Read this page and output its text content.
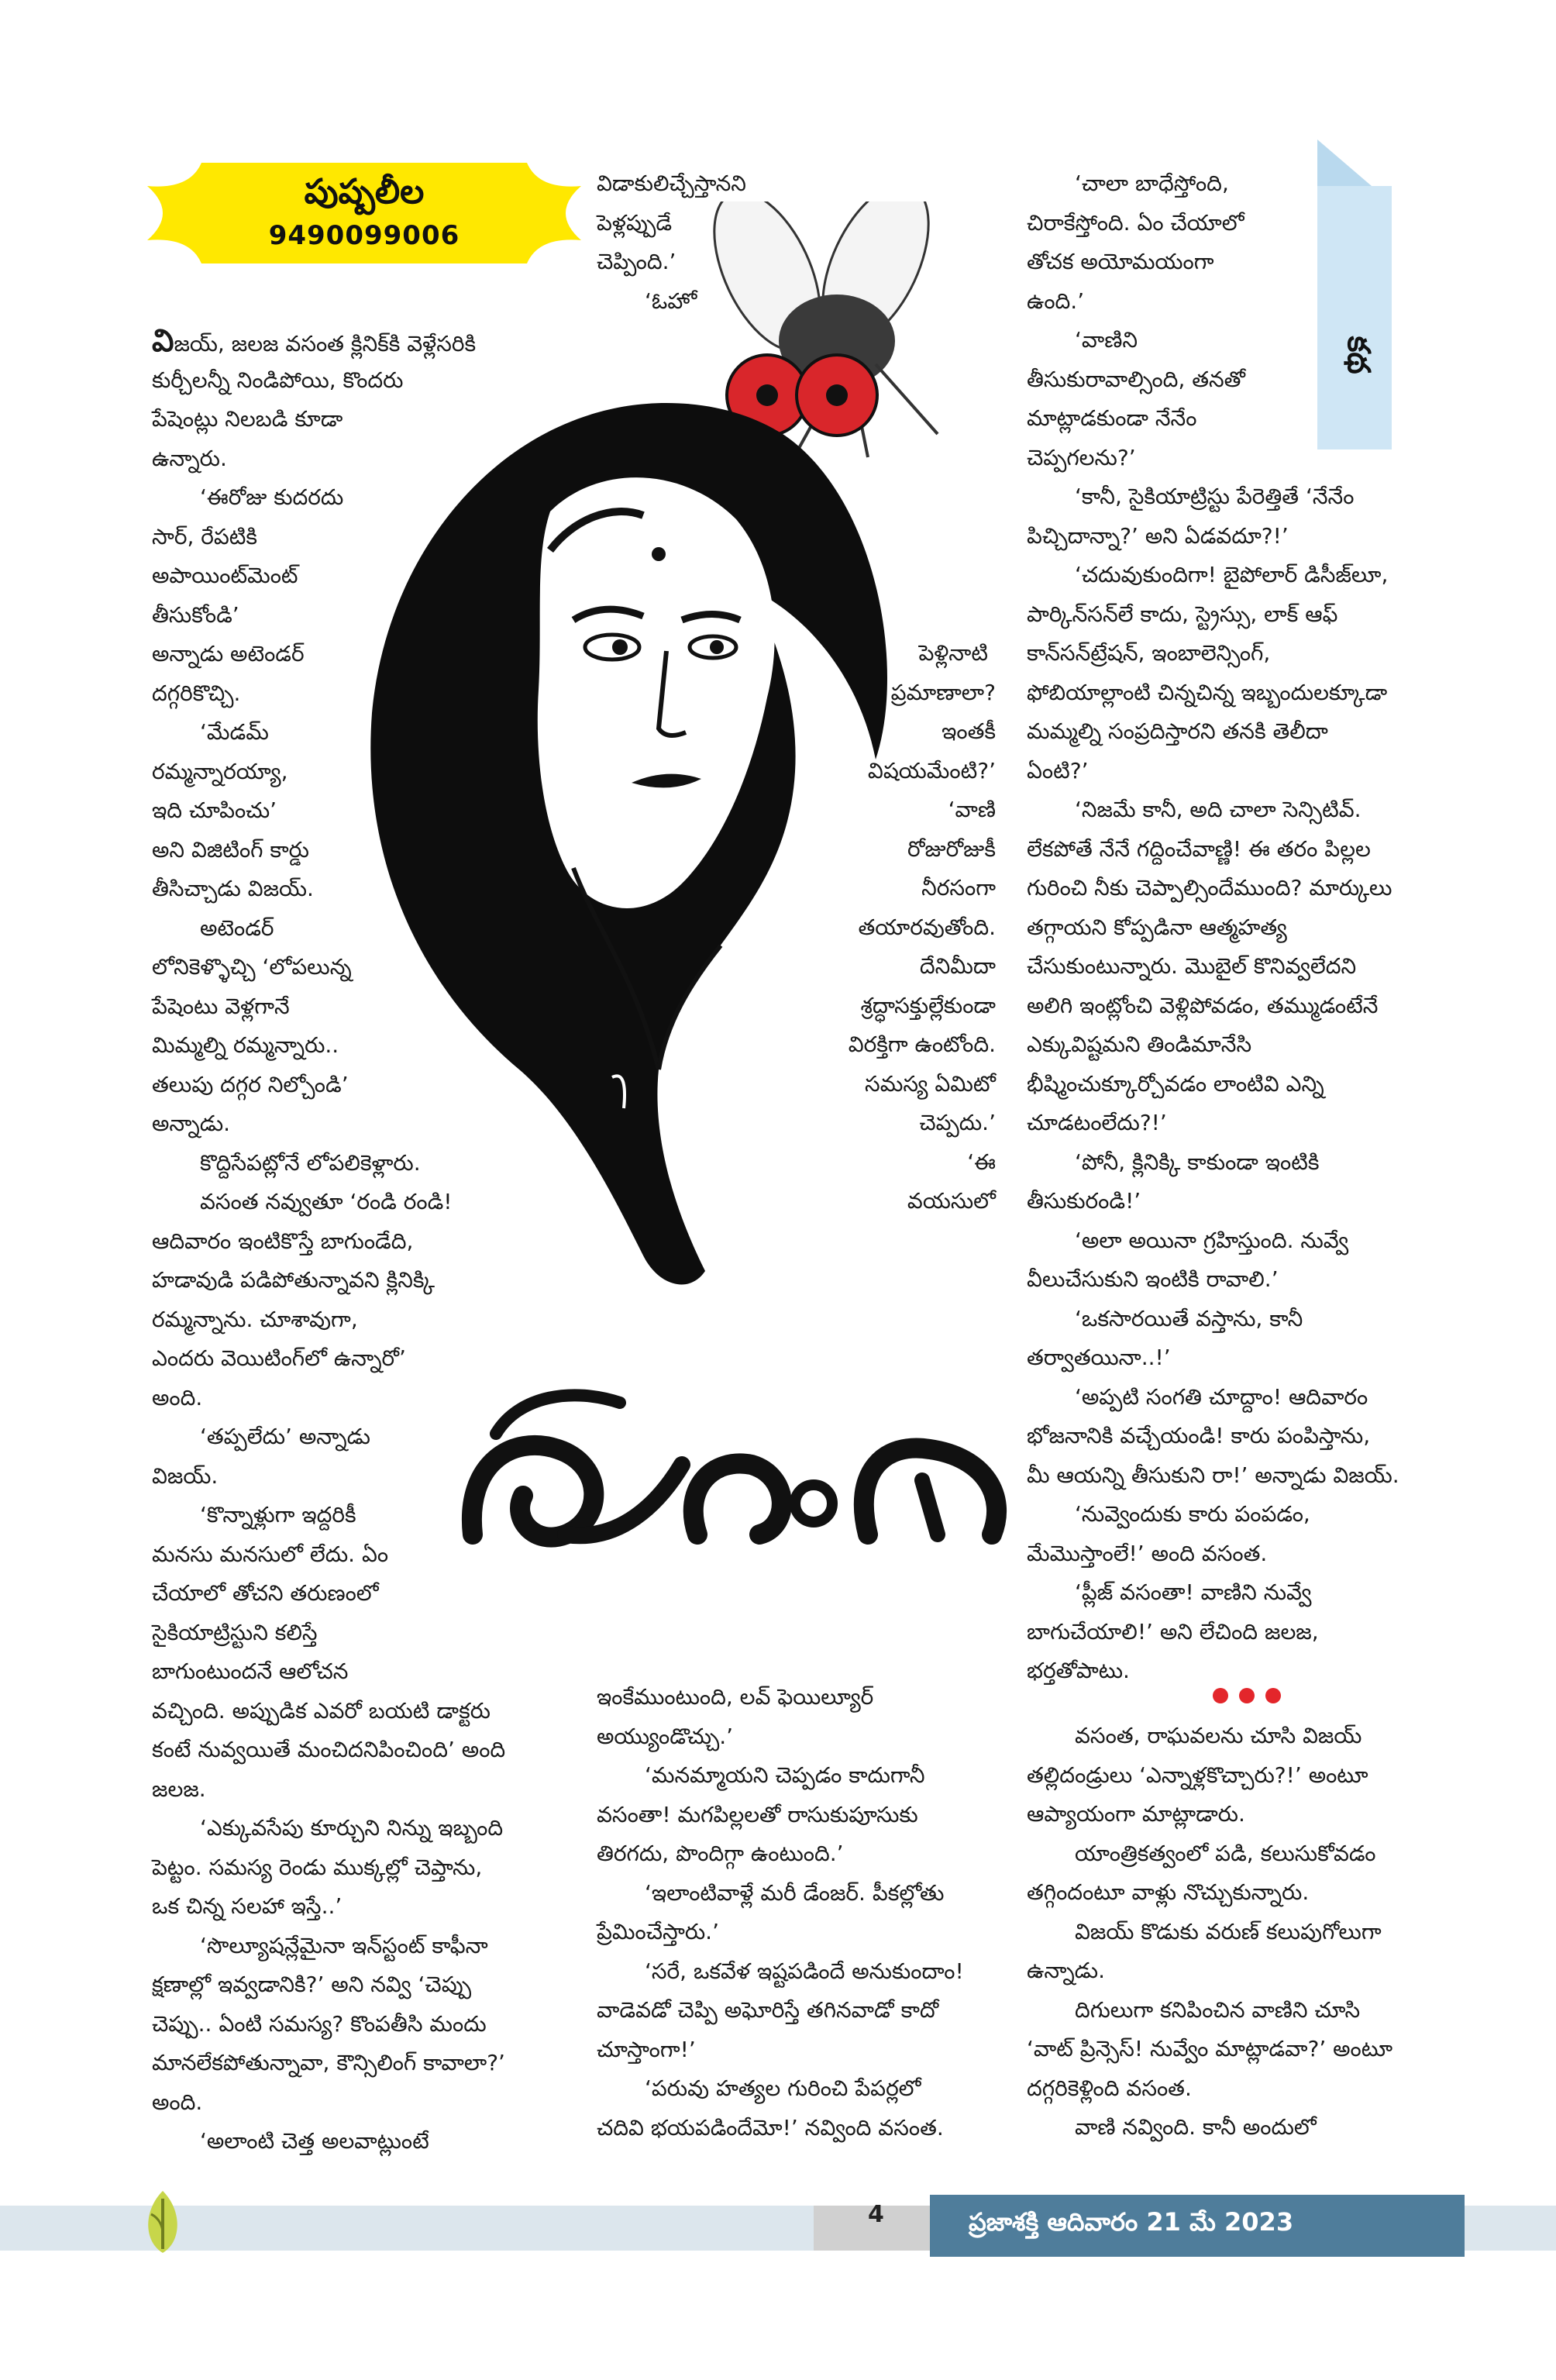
పుష్పలీల
9490099006
కథ
విజయ్‌, జలజ వసంత క్లినిక్‌కి వెళ్లేసరికి
కుర్చీలన్నీ నిండిపోయి, కొందరు
పేషెంట్లు నిలబడి కూడా
ఉన్నారు.
‘ఈరోజు కుదరదు
సార్‌, రేపటికి
అపాయింట్‌మెంట్‌
తీసుకోండి’
అన్నాడు అటెండర్‌
దగ్గరికొచ్చి.
‘మేడమ్‌
రమ్మన్నారయ్యా,
ఇది చూపించు’
అని విజిటింగ్‌ కార్డు
తీసిచ్చాడు విజయ్‌.
అటెండర్‌
లోనికెళ్ళొచ్చి ‘లోపలున్న
పేషెంటు వెళ్లగానే
మిమ్మల్ని రమ్మన్నారు..
తలుపు దగ్గర నిల్చోండి’
అన్నాడు.
కొద్దిసేపట్లోనే లోపలికెళ్లారు.
వసంత నవ్వుతూ ‘రండి రండి!
ఆదివారం ఇంటికొస్తే బాగుండేది,
హడావుడి పడిపోతున్నావని క్లినిక్కి
రమ్మన్నాను. చూశావుగా,
ఎందరు వెయిటింగ్‌లో ఉన్నారో’
అంది.
‘తప్పలేదు’ అన్నాడు
విజయ్‌.
‘కొన్నాళ్లుగా ఇద్దరికీ
మనసు మనసులో లేదు. ఏం
చేయాలో తోచని తరుణంలో
సైకియాట్రిస్టుని కలిస్తే
బాగుంటుందనే ఆలోచన
వచ్చింది. అప్పుడిక ఎవరో బయటి డాక్టరు
కంటే నువ్వయితే మంచిదనిపించింది’ అంది
జలజ.
‘ఎక్కువసేపు కూర్చుని నిన్ను ఇబ్బంది
పెట్టం. సమస్య రెండు ముక్కల్లో చెప్తాను,
ఒక చిన్న సలహా ఇస్తే..’
‘సొల్యూషన్లేమైనా ఇన్‌స్టంట్‌ కాఫీనా
క్షణాల్లో ఇవ్వడానికి?’ అని నవ్వి ‘చెప్పు
చెప్పు.. ఏంటి సమస్య? కొంపతీసి మందు
మానలేకపోతున్నావా, కౌన్సిలింగ్‌ కావాలా?’
అంది.
‘అలాంటి చెత్త అలవాట్లుంటే
విడాకులిచ్చేస్తానని
పెళ్లప్పుడే
చెప్పింది.’
‘ఓహో
పెళ్లినాటి
ప్రమాణాలా?
ఇంతకీ
విషయమేంటి?’
‘వాణి
రోజురోజుకీ
నీరసంగా
తయారవుతోంది.
దేనిమీదా
శ్రద్ధాసక్తుల్లేకుండా
విరక్తిగా ఉంటోంది.
సమస్య ఏమిటో
చెప్పదు.’
‘ఈ
వయసులో
ఇంకేముంటుంది, లవ్‌ ఫెయిల్యూర్‌
అయ్యుండొచ్చు.’
‘మనమ్మాయని చెప్పడం కాదుగానీ
వసంతా! మగపిల్లలతో రాసుకుపూసుకు
తిరగదు, పొందిగ్గా ఉంటుంది.’
‘ఇలాంటివాళ్లే మరీ డేంజర్‌. పీకల్లోతు
ప్రేమించేస్తారు.’
‘సరే, ఒకవేళ ఇష్టపడిందే అనుకుందాం!
వాడెవడో చెప్పి అఘోరిస్తే తగినవాడో కాదో
చూస్తాంగా!’
‘పరువు హత్యల గురించి పేపర్లలో
చదివి భయపడిందేమో!’ నవ్వింది వసంత.
‘చాలా బాధేస్తోంది,
చిరాకేస్తోంది. ఏం చేయాలో
తోచక అయోమయంగా
ఉంది.’
‘వాణిని
తీసుకురావాల్సింది, తనతో
మాట్లాడకుండా నేనేం
చెప్పగలను?’
‘కానీ, సైకియాట్రిస్టు పేరెత్తితే ‘నేనేం
పిచ్చిదాన్నా?’ అని ఏడవదూ?!’
‘చదువుకుందిగా! బైపోలార్‌ డిసీజ్‌లూ,
పార్కిన్‌సన్‌లే కాదు, స్ట్రెస్సు, లాక్‌ ఆఫ్‌
కాన్‌సన్‌ట్రేషన్‌, ఇంబాలెన్సింగ్‌,
ఫోబియాల్లాంటి చిన్నచిన్న ఇబ్బందులక్కూడా
మమ్మల్ని సంప్రదిస్తారని తనకి తెలీదా
ఏంటి?’
‘నిజమే కానీ, అది చాలా సెన్సిటివ్‌.
లేకపోతే నేనే గద్దించేవాణ్ణి! ఈ తరం పిల్లల
గురించి నీకు చెప్పాల్సిందేముంది? మార్కులు
తగ్గాయని కోప్పడినా ఆత్మహత్య
చేసుకుంటున్నారు. మొబైల్‌ కొనివ్వలేదని
అలిగి ఇంట్లోంచి వెళ్లిపోవడం, తమ్ముడంటేనే
ఎక్కువిష్టమని తిండిమానేసి
భీష్మించుక్కూర్చోవడం లాంటివి ఎన్ని
చూడటంలేదు?!’
‘పోనీ, క్లినిక్కి కాకుండా ఇంటికి
తీసుకురండి!’
‘అలా అయినా గ్రహిస్తుంది. నువ్వే
వీలుచేసుకుని ఇంటికి రావాలి.’
‘ఒకసారయితే వస్తాను, కానీ
తర్వాతయినా..!’
‘అప్పటి సంగతి చూద్దాం! ఆదివారం
భోజనానికి వచ్చేయండి! కారు పంపిస్తాను,
మీ ఆయన్ని తీసుకుని రా!’ అన్నాడు విజయ్‌.
‘నువ్వెందుకు కారు పంపడం,
మేమొస్తాంలే!’ అంది వసంత.
‘ప్లీజ్‌ వసంతా! వాణిని నువ్వే
బాగుచేయాలి!’ అని లేచింది జలజ,
భర్తతోపాటు.
వసంత, రాఘవలను చూసి విజయ్‌
తల్లిదండ్రులు ‘ఎన్నాళ్లకొచ్చారు?!’ అంటూ
ఆప్యాయంగా మాట్లాడారు.
యాంత్రికత్వంలో పడి, కలుసుకోవడం
తగ్గిందంటూ వాళ్లు నొచ్చుకున్నారు.
విజయ్‌ కొడుకు వరుణ్‌ కలుపుగోలుగా
ఉన్నాడు.
దిగులుగా కనిపించిన వాణిని చూసి
‘వాట్‌ ప్రిన్సెస్‌! నువ్వేం మాట్లాడవా?’ అంటూ
దగ్గరికెళ్లింది వసంత.
వాణి నవ్వింది. కానీ అందులో
4	ప్రజాశక్తి ఆదివారం 21 మే 2023
